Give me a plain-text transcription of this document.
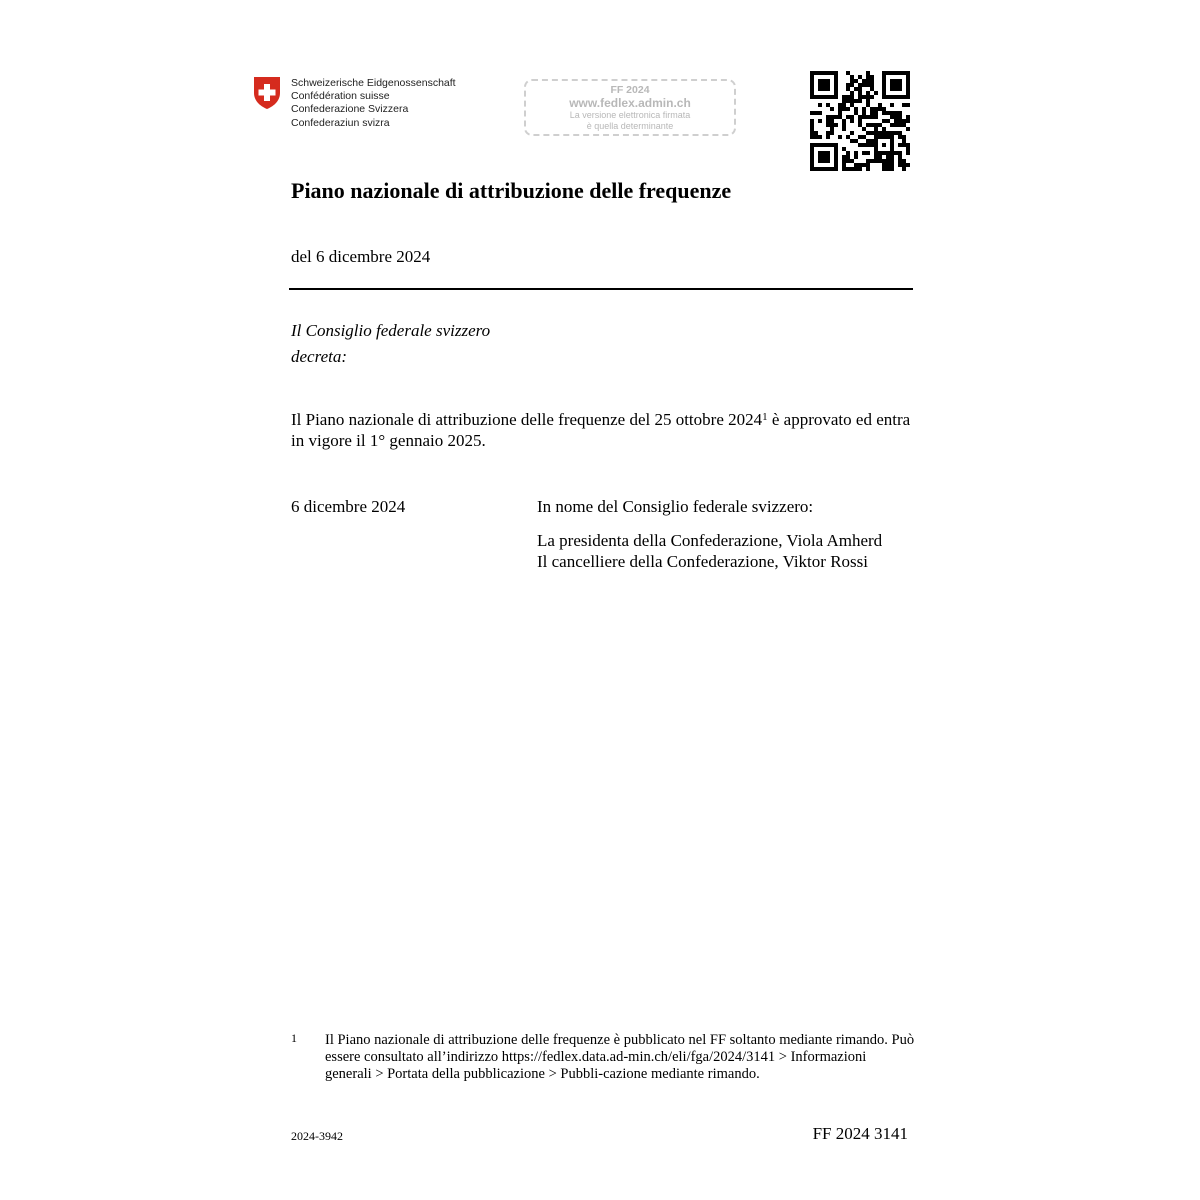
Schweizerische Eidgenossenschaft
Confédération suisse
Confederazione Svizzera
Confederaziun svizra
FF 2024
www.fedlex.admin.ch
La versione elettronica firmata
è quella determinante
Piano nazionale di attribuzione delle frequenze
del 6 dicembre 2024
Il Consiglio federale svizzero
decreta:
Il Piano nazionale di attribuzione delle frequenze del 25 ottobre 2024$^1$ è approvato ed entra in vigore il 1° gennaio 2025.
6 dicembre 2024	In nome del Consiglio federale svizzero:
La presidenta della Confederazione, Viola Amherd
Il cancelliere della Confederazione, Viktor Rossi
1 Il Piano nazionale di attribuzione delle frequenze è pubblicato nel FF soltanto mediante rimando. Può essere consultato all’indirizzo https://fedlex.data.ad-min.ch/eli/fga/2024/3141 > Informazioni generali > Portata della pubblicazione > Pubbli-cazione mediante rimando.
2024-3942	FF 2024 3141
